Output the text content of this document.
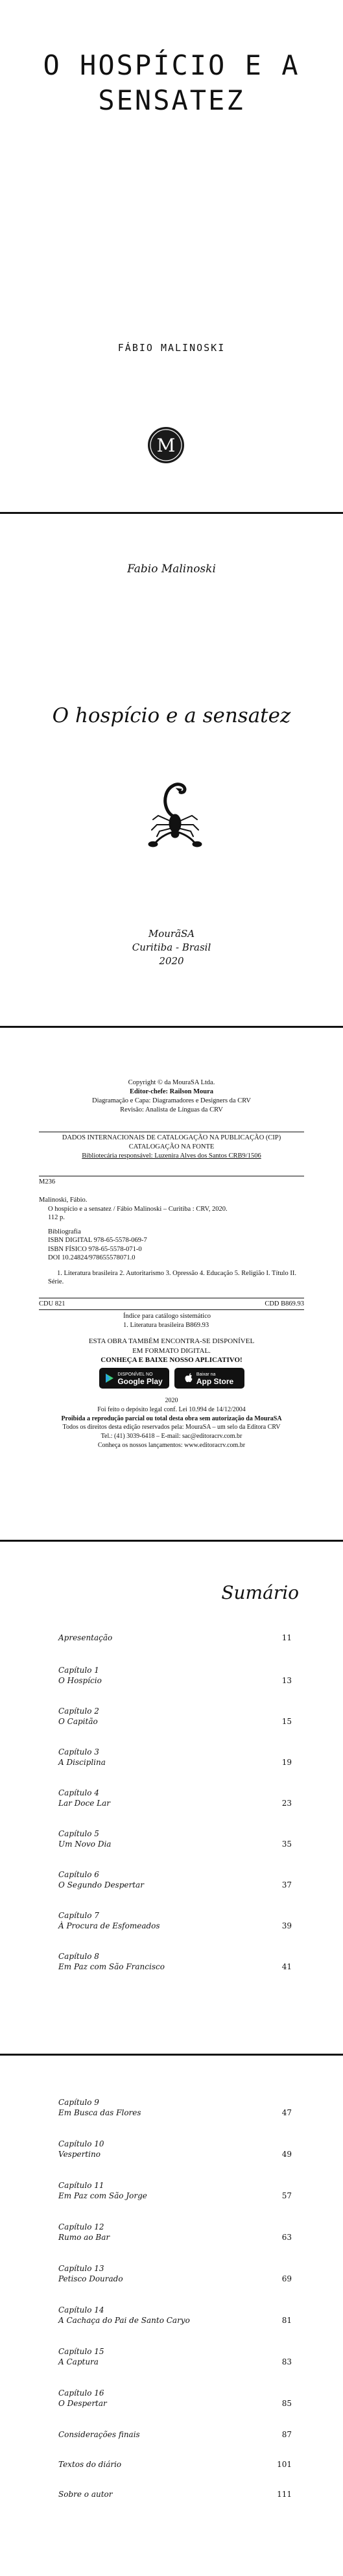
O HOSPÍCIO E A
SENSATEZ
FÁBIO MALINOSKI
M
Fabio Malinoski
O hospício e a sensatez
MourãSA
Curitiba - Brasil
2020
Copyright © da MouraSA Ltda.
Editor-chefe: Railson Moura
Diagramação e Capa: Diagramadores e Designers da CRV
Revisão: Analista de Línguas da CRV
DADOS INTERNACIONAIS DE CATALOGAÇÃO NA PUBLICAÇÃO (CIP)
CATALOGAÇÃO NA FONTE
Bibliotecária responsável: Luzenira Alves dos Santos CRB9/1506
M236

Malinoski, Fábio.

O hospício e a sensatez / Fábio Malinoski – Curitiba : CRV, 2020.

112 p.

Bibliografia

ISBN DIGITAL 978-65-5578-069-7

ISBN FÍSICO 978-65-5578-071-0

DOI 10.24824/978655578071.0

1. Literatura brasileira 2. Autoritarismo 3. Opressão 4. Educação 5. Religião I. Título II. Série.

CDU 821	CDD B869.93
Índice para catálogo sistemático
1. Literatura brasileira B869.93
ESTA OBRA TAMBÉM ENCONTRA-SE DISPONÍVEL
EM FORMATO DIGITAL.
CONHEÇA E BAIXE NOSSO APLICATIVO!
DISPONÍVEL NO
Google Play
Baixar na
App Store
2020
Foi feito o depósito legal conf. Lei 10.994 de 14/12/2004
Proibida a reprodução parcial ou total desta obra sem autorização da MouraSA
Todos os direitos desta edição reservados pela: MouraSA – um selo da Editora CRV
Tel.: (41) 3039-6418 – E-mail: sac@editoracrv.com.br
Conheça os nossos lançamentos: www.editoracrv.com.br
Sumário
Apresentação	11
Capítulo 1
O Hospício	13
Capítulo 2
O Capitão	15
Capítulo 3
A Disciplina	19
Capítulo 4
Lar Doce Lar	23
Capítulo 5
Um Novo Dia	35
Capítulo 6
O Segundo Despertar	37
Capítulo 7
À Procura de Esfomeados	39
Capítulo 8
Em Paz com São Francisco	41
Capítulo 9
Em Busca das Flores	47
Capítulo 10
Vespertino	49
Capítulo 11
Em Paz com São Jorge	57
Capítulo 12
Rumo ao Bar	63
Capítulo 13
Petisco Dourado	69
Capítulo 14
A Cachaça do Pai de Santo Caryo	81
Capítulo 15
A Captura	83
Capítulo 16
O Despertar	85
Considerações finais	87
Textos do diário	101
Sobre o autor	111
